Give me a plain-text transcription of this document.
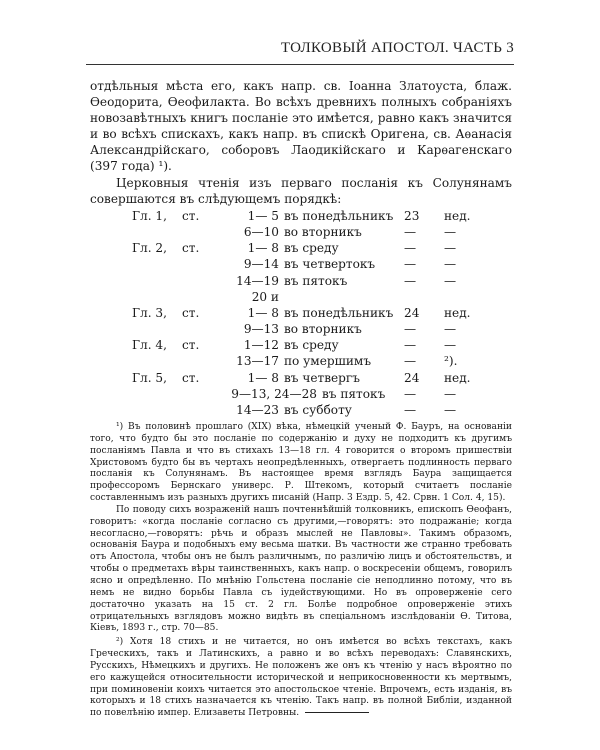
ТОЛКОВЫЙ АПОСТОЛ. ЧАСТЬ 3

отдѣльныя мѣста его, какъ напр. св. Іоанна Златоуста, блаж. Ѳеодорита, Ѳеофилакта. Во всѣхъ древнихъ полныхъ собраніяхъ новозавѣтныхъ книгъ посланіе это имѣется, равно какъ значится и во всѣхъ спискахъ, какъ напр. въ спискѣ Оригена, св. Аѳанасія Александрійскаго, соборовъ Лаодикійскаго и Карѳагенскаго (397 года) ¹).

Церковныя чтенія изъ перваго посланія къ Солунянамъ совершаются въ слѣдующемъ порядкѣ:

Гл. 1,	ст.	1— 5 въ понедѣльникъ 23	нед.
6—10 во вторникъ	—	—
Гл. 2,	ст.	1— 8 въ среду	—	—
9—14 въ четвертокъ	—	—
14—19 въ пятокъ	—	—
20 и
Гл. 3,	ст.	1— 8 въ понедѣльникъ 24	нед.
9—13 во вторникъ	—	—
Гл. 4,	ст.	1—12 въ среду	—	—
13—17 по умершимъ	—	²).
Гл. 5,	ст.	1— 8 въ четвергъ	24	нед.
9—13, 24—28 въ пятокъ	—	—
14—23 въ субботу	—	—

¹) Въ половинѣ прошлаго (XIX) вѣка, нѣмецкій ученый Ф. Бауръ, на основаніи того, что будто бы это посланіе по содержанію и духу не подходитъ къ другимъ посланіямъ Павла и что въ стихахъ 13—18 гл. 4 говорится о второмъ пришествіи Христовомъ будто бы въ чертахъ неопредѣленныхъ, отвергаетъ подлинность перваго посланія къ Солунянамъ. Въ настоящее время взглядъ Баура защищается профессоромъ Бернскаго универс. Р. Штекомъ, который считаетъ посланіе составленнымъ изъ разныхъ другихъ писаній (Напр. 3 Ездр. 5, 42. Срвн. 1 Сол. 4, 15).

По поводу сихъ возраженій нашъ почтеннѣйшій толковникъ, епископъ Ѳеофанъ, говоритъ: «когда посланіе согласно съ другими,—говорятъ: это подражаніе; когда несогласно,—говорятъ: рѣчь и образъ мыслей не Павловы». Такимъ образомъ, основанія Баура и подобныхъ ему весьма шатки. Въ частности же странно требовать отъ Апостола, чтобы онъ не былъ различнымъ, по различію лицъ и обстоятельствъ, и чтобы о предметахъ вѣры таинственныхъ, какъ напр. о воскресеніи общемъ, говорилъ ясно и опредѣленно. По мнѣнію Гольстена посланіе сіе неподлинно потому, что въ немъ не видно борьбы Павла съ іудействующими. Но въ опроверженіе сего достаточно указать на 15 ст. 2 гл. Болѣе подробное опроверженіе этихъ отрицательныхъ взглядовъ можно видѣть въ спеціальномъ изслѣдованіи Ѳ. Титова, Кіевъ, 1893 г., стр. 70—85.

²) Хотя 18 стихъ и не читается, но онъ имѣется во всѣхъ текстахъ, какъ Греческихъ, такъ и Латинскихъ, а равно и во всѣхъ переводахъ: Славянскихъ, Русскихъ, Нѣмецкихъ и другихъ. Не положенъ же онъ къ чтенію у насъ вѣроятно по его кажущейся относительности исторической и неприкосновенности къ мертвымъ, при поминовеніи коихъ читается это апостольское чтеніе. Впрочемъ, есть изданія, въ которыхъ и 18 стихъ назначается къ чтенію. Такъ напр. въ полной Библіи, изданной по повелѣнію импер. Елизаветы Петровны.
